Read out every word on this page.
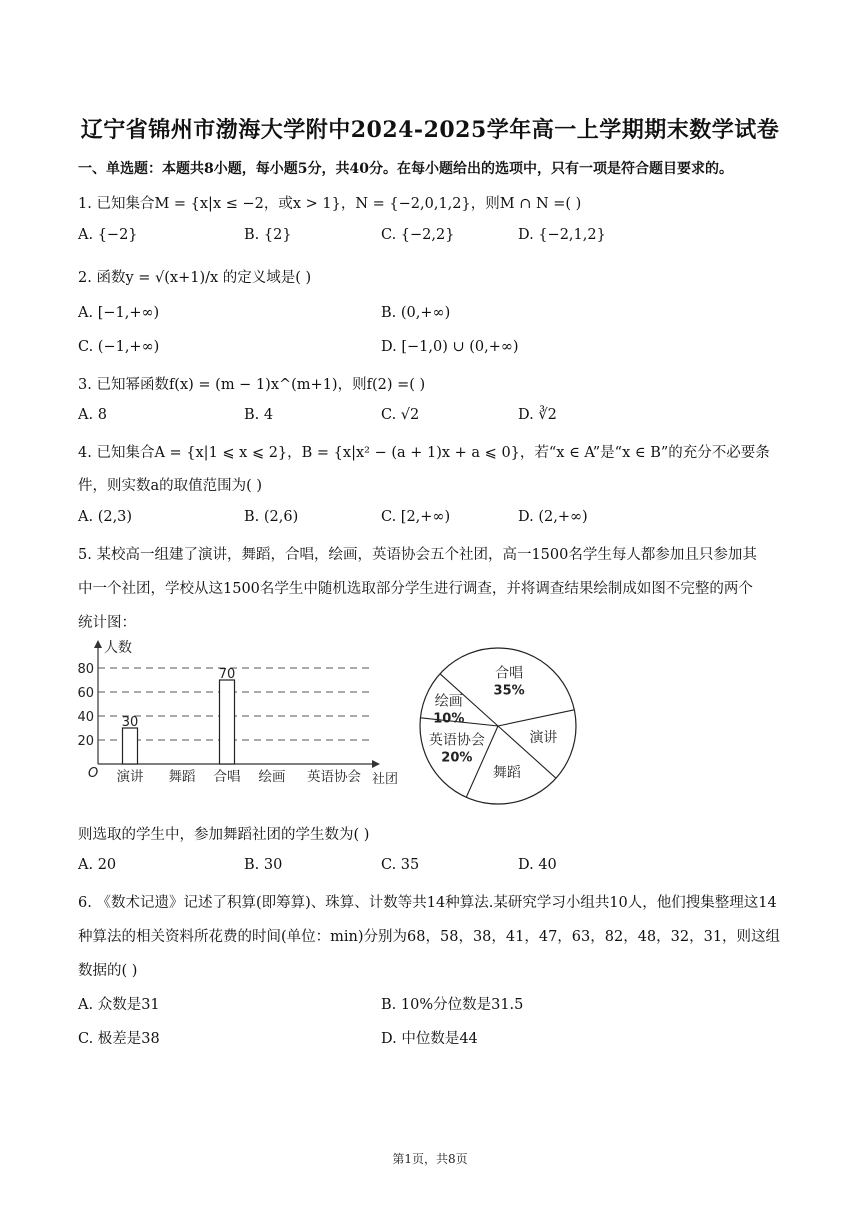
辽宁省锦州市渤海大学附中2024-2025学年高一上学期期末数学试卷
一、单选题：本题共8小题，每小题5分，共40分。在每小题给出的选项中，只有一项是符合题目要求的。
1. 已知集合M = {x|x ≤ −2，或x > 1}，N = {−2,0,1,2}，则M ∩ N =( )
A. {−2}	B. {2}	C. {−2,2}	D. {−2,1,2}
2. 函数y = √(x+1)/x 的定义域是( )
A. [−1,+∞)	B. (0,+∞)
C. (−1,+∞)	D. [−1,0) ∪ (0,+∞)
3. 已知幂函数f(x) = (m − 1)x^(m+1)，则f(2) =( )
A. 8	B. 4	C. √2	D. ∛2
4. 已知集合A = {x|1 ⩽ x ⩽ 2}，B = {x|x² − (a + 1)x + a ⩽ 0}，若“x ∈ A”是“x ∈ B”的充分不必要条
件，则实数a的取值范围为( )
A. (2,3)	B. (2,6)	C. [2,+∞)	D. (2,+∞)
5. 某校高一组建了演讲，舞蹈，合唱，绘画，英语协会五个社团，高一1500名学生每人都参加且只参加其
中一个社团，学校从这1500名学生中随机选取部分学生进行调查，并将调查结果绘制成如图不完整的两个
统计图：
人数
社团
O
20
40
60
80
演讲
30
舞蹈 合唱
70
绘画 英语协会
合唱
35%
演讲
舞蹈
英语协会
20%
绘画
10%
则选取的学生中，参加舞蹈社团的学生数为( )
A. 20	B. 30	C. 35	D. 40
6. 《数术记遗》记述了积算(即筹算)、珠算、计数等共14种算法.某研究学习小组共10人，他们搜集整理这14
种算法的相关资料所花费的时间(单位：min)分别为68，58，38，41，47，63，82，48，32，31，则这组
数据的( )
A. 众数是31	B. 10%分位数是31.5
C. 极差是38	D. 中位数是44
第1页，共8页
